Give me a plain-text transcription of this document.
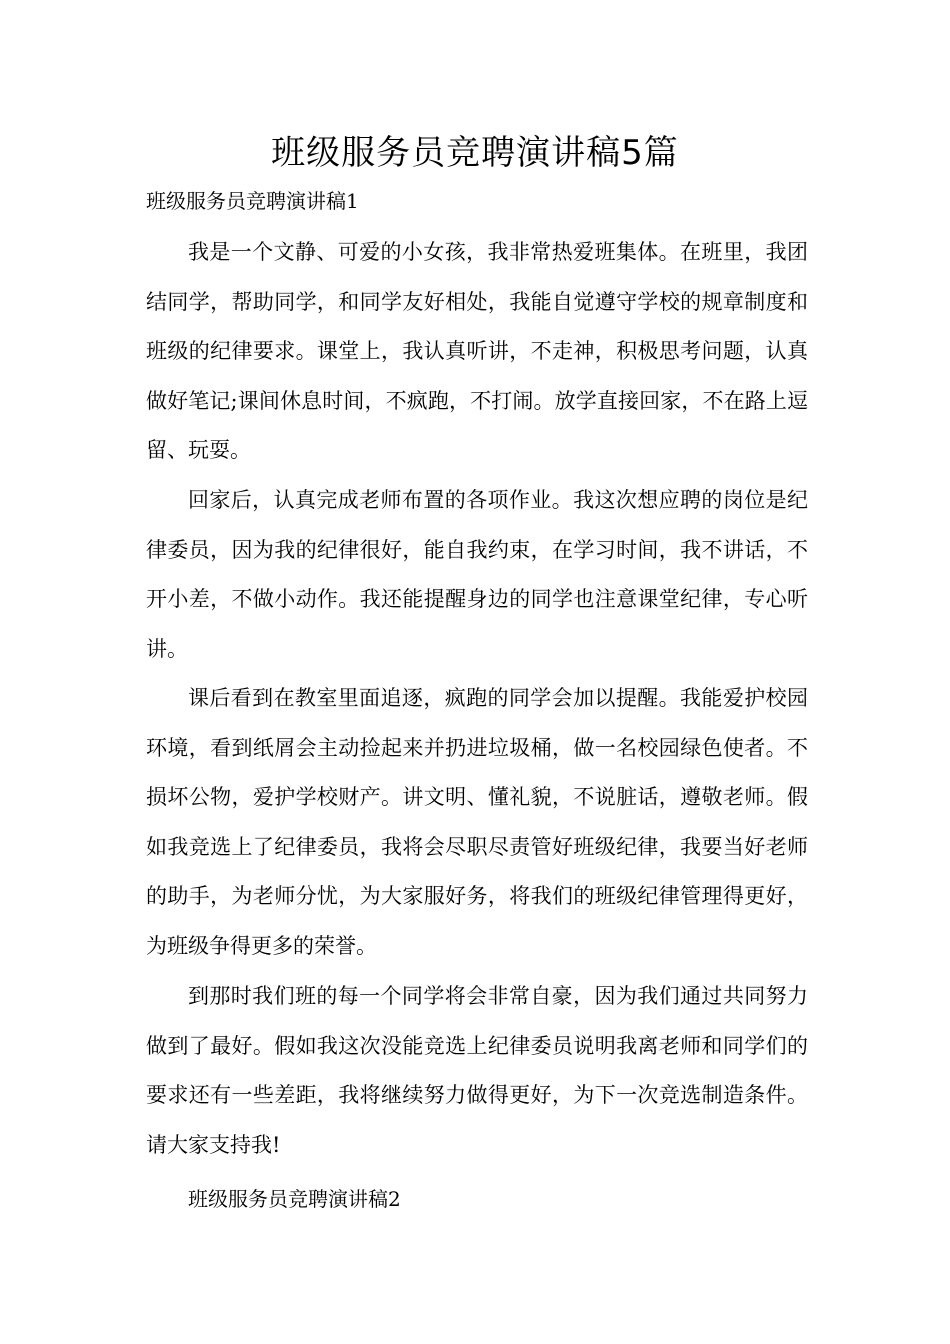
班级服务员竞聘演讲稿5篇

班级服务员竞聘演讲稿1

我是一个文静、可爱的小女孩，我非常热爱班集体。在班里，我团结同学，帮助同学，和同学友好相处，我能自觉遵守学校的规章制度和班级的纪律要求。课堂上，我认真听讲，不走神，积极思考问题，认真做好笔记;课间休息时间，不疯跑，不打闹。放学直接回家，不在路上逗留、玩耍。

回家后，认真完成老师布置的各项作业。我这次想应聘的岗位是纪律委员，因为我的纪律很好，能自我约束，在学习时间，我不讲话，不开小差，不做小动作。我还能提醒身边的同学也注意课堂纪律，专心听讲。

课后看到在教室里面追逐，疯跑的同学会加以提醒。我能爱护校园环境，看到纸屑会主动捡起来并扔进垃圾桶，做一名校园绿色使者。不损坏公物，爱护学校财产。讲文明、懂礼貌，不说脏话，遵敬老师。假如我竞选上了纪律委员，我将会尽职尽责管好班级纪律，我要当好老师的助手，为老师分忧，为大家服好务，将我们的班级纪律管理得更好，为班级争得更多的荣誉。

到那时我们班的每一个同学将会非常自豪，因为我们通过共同努力做到了最好。假如我这次没能竞选上纪律委员说明我离老师和同学们的要求还有一些差距，我将继续努力做得更好，为下一次竞选制造条件。请大家支持我!

班级服务员竞聘演讲稿2
